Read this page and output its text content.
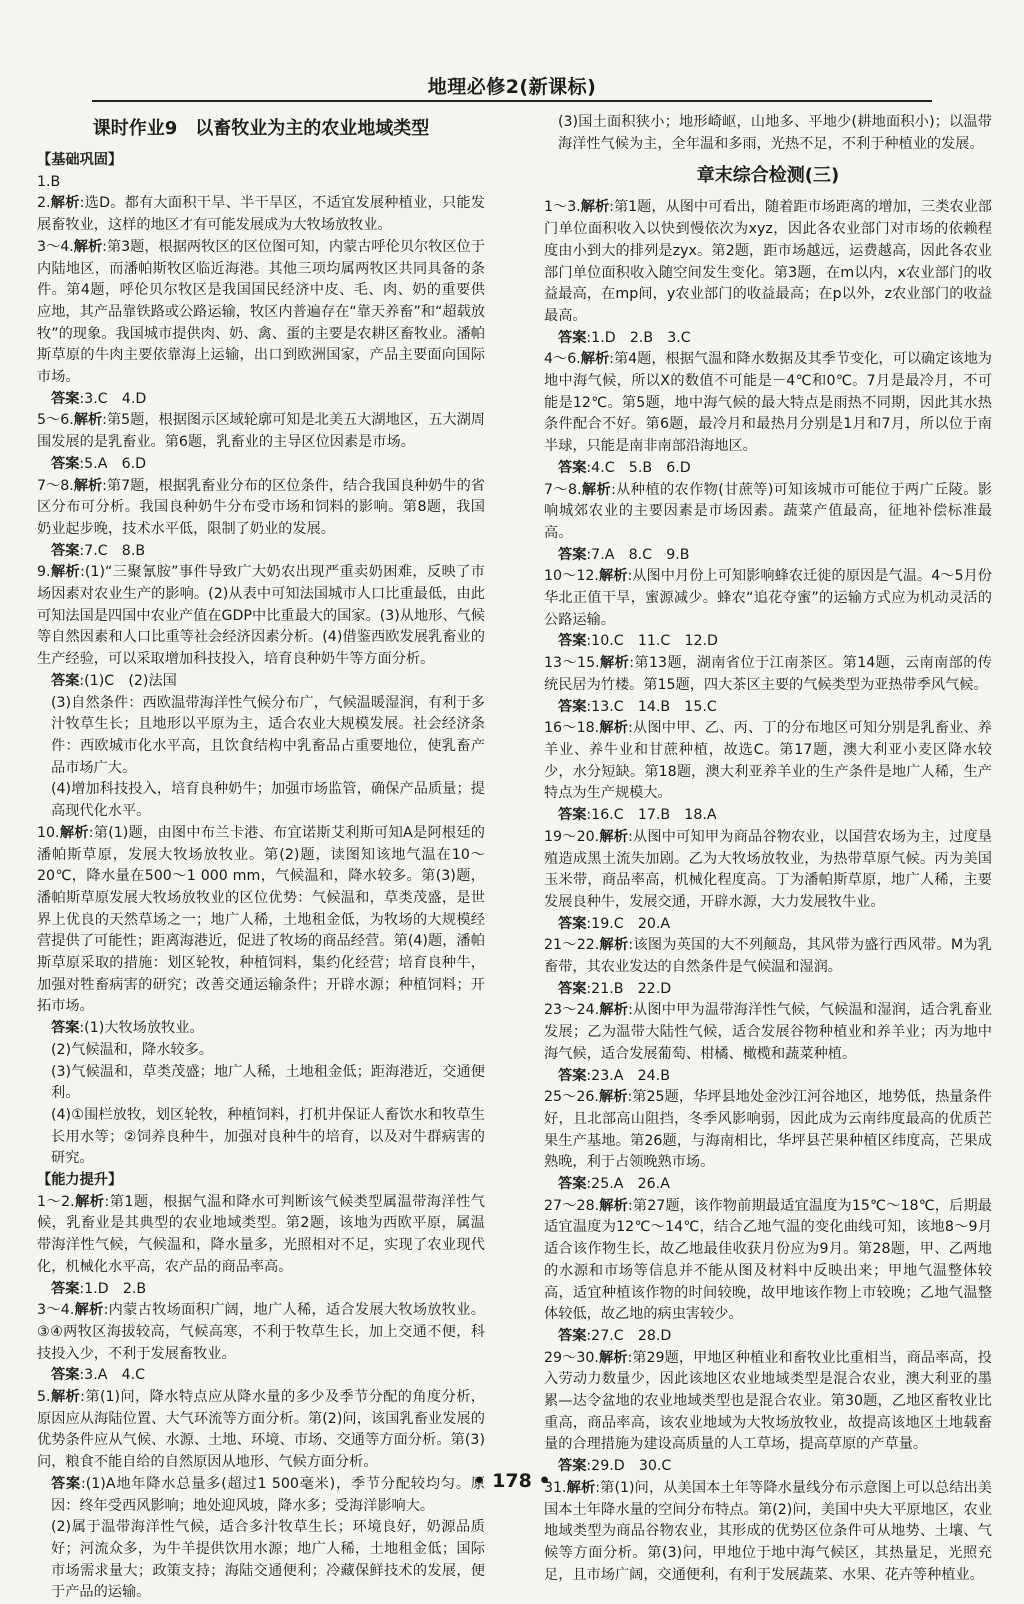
地理必修2(新课标)
课时作业9　以畜牧业为主的农业地域类型

【基础巩固】

1.B

2.解析:选D。都有大面积干旱、半干旱区，不适宜发展种植业，只能发展畜牧业，这样的地区才有可能发展成为大牧场放牧业。

3～4.解析:第3题，根据两牧区的区位图可知，内蒙古呼伦贝尔牧区位于内陆地区，而潘帕斯牧区临近海港。其他三项均属两牧区共同具备的条件。第4题，呼伦贝尔牧区是我国国民经济中皮、毛、肉、奶的重要供应地，其产品靠铁路或公路运输，牧区内普遍存在“靠天养畜”和“超载放牧”的现象。我国城市提供肉、奶、禽、蛋的主要是农耕区畜牧业。潘帕斯草原的牛肉主要依靠海上运输，出口到欧洲国家，产品主要面向国际市场。

答案:3.C　4.D

5～6.解析:第5题，根据图示区域轮廓可知是北美五大湖地区，五大湖周围发展的是乳畜业。第6题，乳畜业的主导区位因素是市场。

答案:5.A　6.D

7～8.解析:第7题，根据乳畜业分布的区位条件，结合我国良种奶牛的省区分布可分析。我国良种奶牛分布受市场和饲料的影响。第8题，我国奶业起步晚，技术水平低，限制了奶业的发展。

答案:7.C　8.B

9.解析:(1)“三聚氰胺”事件导致广大奶农出现严重卖奶困难，反映了市场因素对农业生产的影响。(2)从表中可知法国城市人口比重最低，由此可知法国是四国中农业产值在GDP中比重最大的国家。(3)从地形、气候等自然因素和人口比重等社会经济因素分析。(4)借鉴西欧发展乳畜业的生产经验，可以采取增加科技投入，培育良种奶牛等方面分析。

答案:(1)C　(2)法国

(3)自然条件：西欧温带海洋性气候分布广，气候温暖湿润，有利于多汁牧草生长；且地形以平原为主，适合农业大规模发展。社会经济条件：西欧城市化水平高，且饮食结构中乳畜品占重要地位，使乳畜产品市场广大。

(4)增加科技投入，培育良种奶牛；加强市场监管，确保产品质量；提高现代化水平。

10.解析:第(1)题，由图中布兰卡港、布宜诺斯艾利斯可知A是阿根廷的潘帕斯草原，发展大牧场放牧业。第(2)题，读图知该地气温在10～20℃，降水量在500～1 000 mm，气候温和，降水较多。第(3)题，潘帕斯草原发展大牧场放牧业的区位优势：气候温和，草类茂盛，是世界上优良的天然草场之一；地广人稀，土地租金低，为牧场的大规模经营提供了可能性；距离海港近，促进了牧场的商品经营。第(4)题，潘帕斯草原采取的措施：划区轮牧，种植饲料，集约化经营；培育良种牛，加强对牲畜病害的研究；改善交通运输条件；开辟水源；种植饲料；开拓市场。

答案:(1)大牧场放牧业。

(2)气候温和，降水较多。

(3)气候温和，草类茂盛；地广人稀，土地租金低；距海港近，交通便利。

(4)①围栏放牧，划区轮牧，种植饲料，打机井保证人畜饮水和牧草生长用水等；②饲养良种牛，加强对良种牛的培育，以及对牛群病害的研究。

【能力提升】

1～2.解析:第1题，根据气温和降水可判断该气候类型属温带海洋性气候，乳畜业是其典型的农业地域类型。第2题，该地为西欧平原，属温带海洋性气候，气候温和，降水量多，光照相对不足，实现了农业现代化，机械化水平高，农产品的商品率高。

答案:1.D　2.B

3～4.解析:内蒙古牧场面积广阔，地广人稀，适合发展大牧场放牧业。③④两牧区海拔较高，气候高寒，不利于牧草生长，加上交通不便，科技投入少，不利于发展畜牧业。

答案:3.A　4.C

5.解析:第(1)问，降水特点应从降水量的多少及季节分配的角度分析，原因应从海陆位置、大气环流等方面分析。第(2)问，该国乳畜业发展的优势条件应从气候、水源、土地、环境、市场、交通等方面分析。第(3)问，粮食不能自给的自然原因从地形、气候方面分析。

答案:(1)A地年降水总量多(超过1 500毫米)，季节分配较均匀。原因：终年受西风影响；地处迎风坡，降水多；受海洋影响大。

(2)属于温带海洋性气候，适合多汁牧草生长；环境良好，奶源品质好；河流众多，为牛羊提供饮用水源；地广人稀，土地租金低；国际市场需求量大；政策支持；海陆交通便利；冷藏保鲜技术的发展，便于产品的运输。

(3)国土面积狭小；地形崎岖，山地多、平地少(耕地面积小)；以温带海洋性气候为主，全年温和多雨，光热不足，不利于种植业的发展。

章末综合检测(三)

1～3.解析:第1题，从图中可看出，随着距市场距离的增加，三类农业部门单位面积收入以快到慢依次为xyz，因此各农业部门对市场的依赖程度由小到大的排列是zyx。第2题，距市场越远，运费越高，因此各农业部门单位面积收入随空间发生变化。第3题，在m以内，x农业部门的收益最高，在mp间，y农业部门的收益最高；在p以外，z农业部门的收益最高。

答案:1.D　2.B　3.C

4～6.解析:第4题，根据气温和降水数据及其季节变化，可以确定该地为地中海气候，所以X的数值不可能是－4℃和0℃。7月是最冷月，不可能是12℃。第5题，地中海气候的最大特点是雨热不同期，因此其水热条件配合不好。第6题，最冷月和最热月分别是1月和7月，所以位于南半球，只能是南非南部沿海地区。

答案:4.C　5.B　6.D

7～8.解析:从种植的农作物(甘蔗等)可知该城市可能位于两广丘陵。影响城郊农业的主要因素是市场因素。蔬菜产值最高，征地补偿标准最高。

答案:7.A　8.C　9.B

10～12.解析:从图中月份上可知影响蜂农迁徙的原因是气温。4～5月份华北正值干旱，蜜源减少。蜂农“追花夺蜜”的运输方式应为机动灵活的公路运输。

答案:10.C　11.C　12.D

13～15.解析:第13题，湖南省位于江南茶区。第14题，云南南部的传统民居为竹楼。第15题，四大茶区主要的气候类型为亚热带季风气候。

答案:13.C　14.B　15.C

16～18.解析:从图中甲、乙、丙、丁的分布地区可知分别是乳畜业、养羊业、养牛业和甘蔗种植，故选C。第17题，澳大利亚小麦区降水较少，水分短缺。第18题，澳大利亚养羊业的生产条件是地广人稀，生产特点为生产规模大。

答案:16.C　17.B　18.A

19～20.解析:从图中可知甲为商品谷物农业，以国营农场为主，过度垦殖造成黑土流失加剧。乙为大牧场放牧业，为热带草原气候。丙为美国玉米带，商品率高，机械化程度高。丁为潘帕斯草原，地广人稀，主要发展良种牛，发展交通，开辟水源，大力发展牧牛业。

答案:19.C　20.A

21～22.解析:该图为英国的大不列颠岛，其风带为盛行西风带。M为乳畜带，其农业发达的自然条件是气候温和湿润。

答案:21.B　22.D

23～24.解析:从图中甲为温带海洋性气候，气候温和湿润，适合乳畜业发展；乙为温带大陆性气候，适合发展谷物种植业和养羊业；丙为地中海气候，适合发展葡萄、柑橘、橄榄和蔬菜种植。

答案:23.A　24.B

25～26.解析:第25题，华坪县地处金沙江河谷地区，地势低，热量条件好，且北部高山阻挡，冬季风影响弱，因此成为云南纬度最高的优质芒果生产基地。第26题，与海南相比，华坪县芒果种植区纬度高，芒果成熟晚，利于占领晚熟市场。

答案:25.A　26.A

27～28.解析:第27题，该作物前期最适宜温度为15℃～18℃，后期最适宜温度为12℃～14℃，结合乙地气温的变化曲线可知，该地8～9月适合该作物生长，故乙地最佳收获月份应为9月。第28题，甲、乙两地的水源和市场等信息并不能从图及材料中反映出来；甲地气温整体较高，适宜种植该作物的时间较晚，故甲地该作物上市较晚；乙地气温整体较低，故乙地的病虫害较少。

答案:27.C　28.D

29～30.解析:第29题，甲地区种植业和畜牧业比重相当，商品率高，投入劳动力数量少，因此该地区农业地域类型是混合农业，澳大利亚的墨累—达令盆地的农业地域类型也是混合农业。第30题，乙地区畜牧业比重高，商品率高，该农业地域为大牧场放牧业，故提高该地区土地载畜量的合理措施为建设高质量的人工草场，提高草原的产草量。

答案:29.D　30.C

31.解析:第(1)问，从美国本土年等降水量线分布示意图上可以总结出美国本土年降水量的空间分布特点。第(2)问，美国中央大平原地区，农业地域类型为商品谷物农业，其形成的优势区位条件可从地势、土壤、气候等方面分析。第(3)问，甲地位于地中海气候区，其热量足，光照充足，且市场广阔，交通便利，有利于发展蔬菜、水果、花卉等种植业。

• 178 •
